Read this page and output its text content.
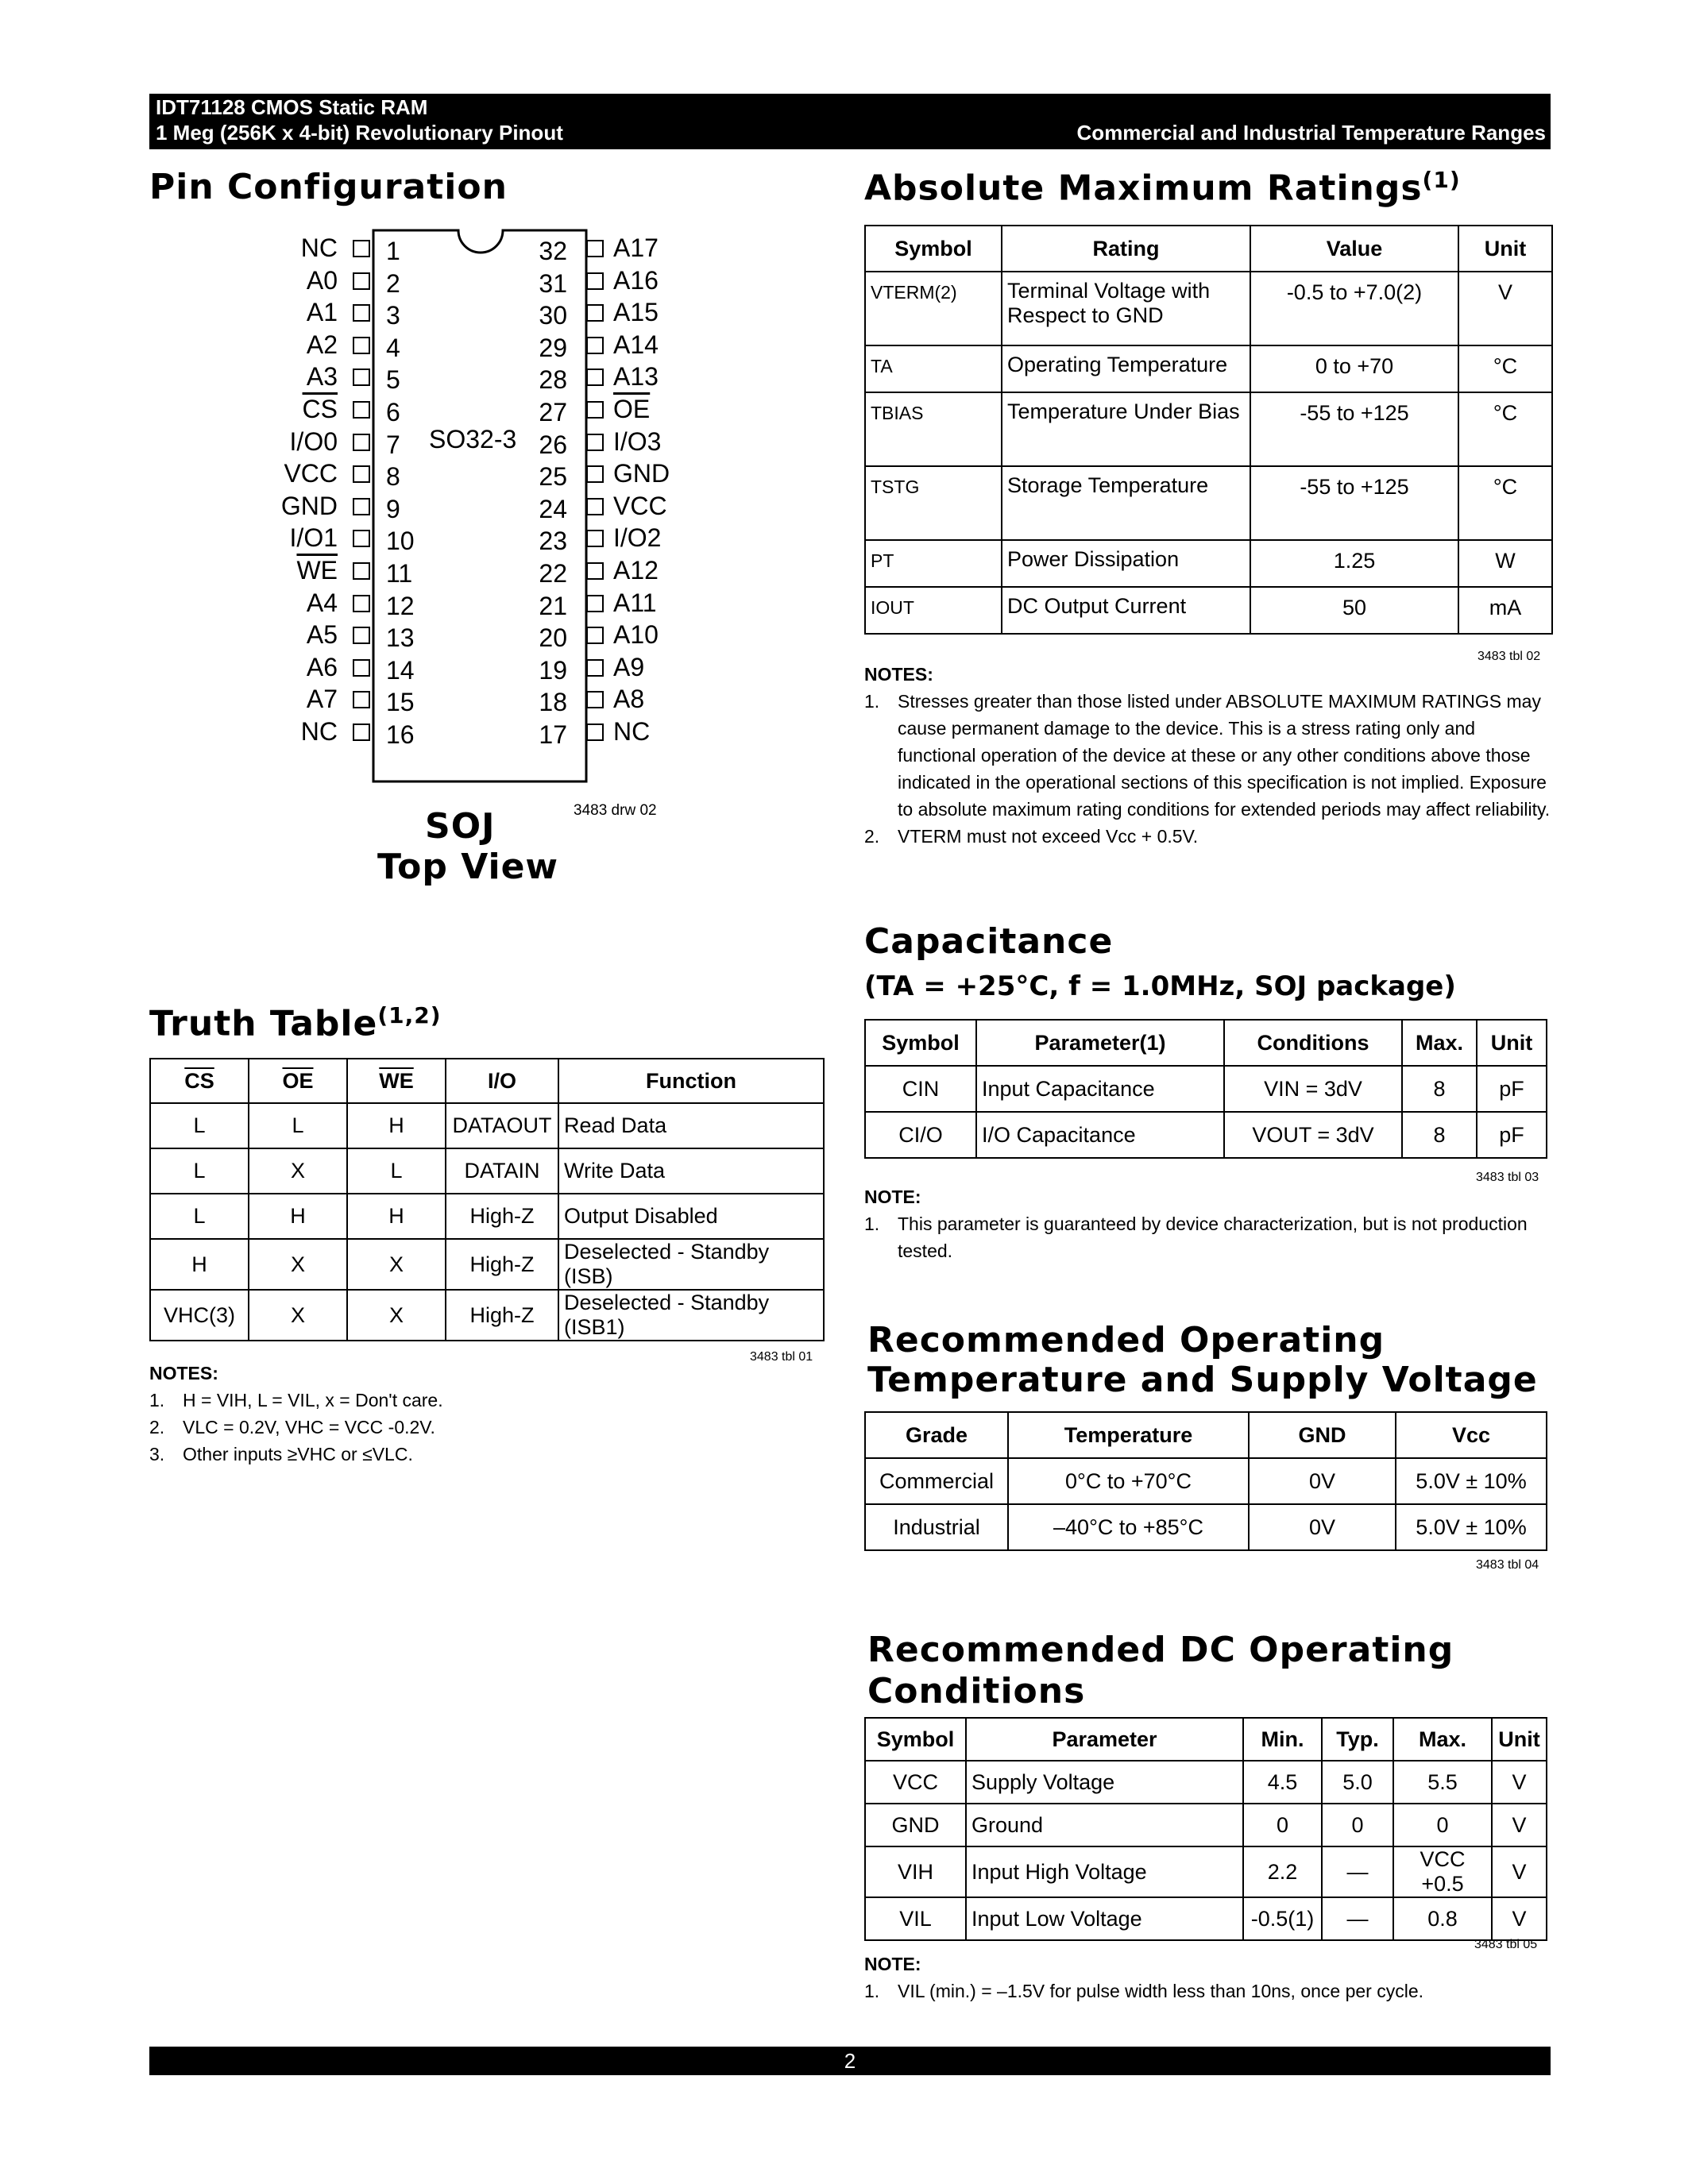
IDT71128 CMOS Static RAM
1 Meg (256K x 4-bit) Revolutionary Pinout	Commercial and Industrial Temperature Ranges
Pin Configuration
SO32-3
NC 1
A0 2
A1 3
A2 4
A3 5
$\overline{CS}$ 6
I/O0 7
VCC 8
GND 9
I/O1 10
$\overline{WE}$ 11
A4 12
A5 13
A6 14
A7 15
NC 16
32 A17
31 A16
30 A15
29 A14
28 A13
27 $\overline{OE}$
26 I/O3
25 GND
24 VCC
23 I/O2
22 A12
21 A11
20 A10
19 A9
18 A8
17 NC
3483 drw 02
SOJ
Top View
Truth Table$^{(1,2)}$
$\overline{CS}$	$\overline{OE}$	$\overline{WE}$	I/O	Function
L	L	H	DATAOUT	Read Data
L	X	L	DATAIN	Write Data
L	H	H	High-Z	Output Disabled
H	X	X	High-Z	Deselected - Standby (ISB)
VHC(3)	X	X	High-Z	Deselected - Standby (ISB1)
3483 tbl 01
NOTES:
1. H = VIH, L = VIL, x = Don't care.
2. VLC = 0.2V, VHC = VCC -0.2V.
3. Other inputs ≥VHC or ≤VLC.
Absolute Maximum Ratings$^{(1)}$
Symbol	Rating	Value	Unit
VTERM(2)	Terminal Voltage with Respect to GND	-0.5 to +7.0(2)	V
TA	Operating Temperature	0 to +70	°C
TBIAS	Temperature Under Bias	-55 to +125	°C
TSTG	Storage Temperature	-55 to +125	°C
PT	Power Dissipation	1.25	W
IOUT	DC Output Current	50	mA
3483 tbl 02
NOTES:
1. Stresses greater than those listed under ABSOLUTE MAXIMUM RATINGS may cause permanent damage to the device. This is a stress rating only and functional operation of the device at these or any other conditions above those indicated in the operational sections of this specification is not implied. Exposure to absolute maximum rating conditions for extended periods may affect reliability.
2. VTERM must not exceed Vcc + 0.5V.
Capacitance
(TA = +25°C, f = 1.0MHz, SOJ package)
Symbol	Parameter(1)	Conditions	Max.	Unit
CIN	Input Capacitance	VIN = 3dV	8	pF
CI/O	I/O Capacitance	VOUT = 3dV	8	pF
3483 tbl 03
NOTE:
1. This parameter is guaranteed by device characterization, but is not production tested.
Recommended Operating
Temperature and Supply Voltage
Grade	Temperature	GND	Vcc
Commercial	0°C to +70°C	0V	5.0V ± 10%
Industrial	–40°C to +85°C	0V	5.0V ± 10%
3483 tbl 04
Recommended DC Operating
Conditions
Symbol	Parameter	Min.	Typ.	Max.	Unit
VCC	Supply Voltage	4.5	5.0	5.5	V
GND	Ground	0	0	0	V
VIH	Input High Voltage	2.2	—	VCC +0.5	V
VIL	Input Low Voltage	-0.5(1)	—	0.8	V
3483 tbl 05
NOTE:
1. VIL (min.) = –1.5V for pulse width less than 10ns, once per cycle.
2
